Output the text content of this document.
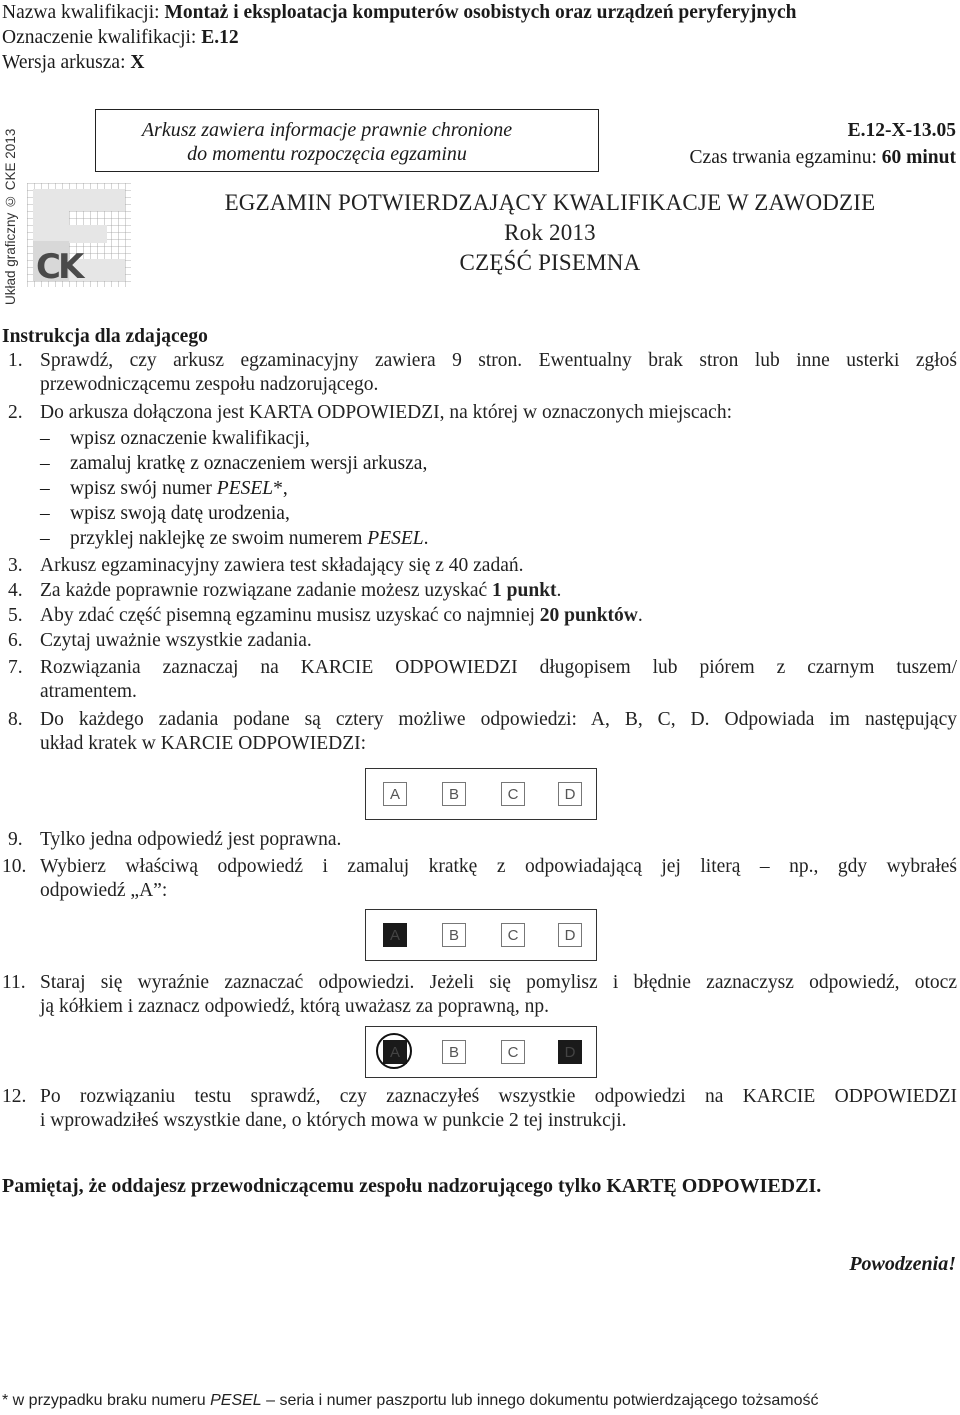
Nazwa kwalifikacji: Montaż i eksploatacja komputerów osobistych oraz urządzeń peryferyjnych
Oznaczenie kwalifikacji: E.12
Wersja arkusza: X
Układ graficzny © CKE 2013 CK
Arkusz zawiera informacje prawnie chronione
do momentu rozpoczęcia egzaminu
E.12-X-13.05
Czas trwania egzaminu: 60 minut
EGZAMIN POTWIERDZAJĄCY KWALIFIKACJE W ZAWODZIE
Rok 2013
CZĘŚĆ PISEMNA
Instrukcja dla zdającego
1. Sprawdź, czy arkusz egzaminacyjny zawiera 9 stron. Ewentualny brak stron lub inne usterki zgłoś
przewodniczącemu zespołu nadzorującego.
2. Do arkusza dołączona jest KARTA ODPOWIEDZI, na której w oznaczonych miejscach:
– wpisz oznaczenie kwalifikacji,
– zamaluj kratkę z oznaczeniem wersji arkusza,
– wpisz swój numer PESEL*,
– wpisz swoją datę urodzenia,
– przyklej naklejkę ze swoim numerem PESEL.
3. Arkusz egzaminacyjny zawiera test składający się z 40 zadań.
4. Za każde poprawnie rozwiązane zadanie możesz uzyskać 1 punkt.
5. Aby zdać część pisemną egzaminu musisz uzyskać co najmniej 20 punktów.
6. Czytaj uważnie wszystkie zadania.
7. Rozwiązania zaznaczaj na KARCIE ODPOWIEDZI długopisem lub piórem z czarnym tuszem/
atramentem.
8. Do każdego zadania podane są cztery możliwe odpowiedzi: A, B, C, D. Odpowiada im następujący
układ kratek w KARCIE ODPOWIEDZI:
A	B	C	D
9. Tylko jedna odpowiedź jest poprawna.
10. Wybierz właściwą odpowiedź i zamaluj kratkę z odpowiadającą jej literą – np., gdy wybrałeś
odpowiedź „A”:
A	B	C	D
11. Staraj się wyraźnie zaznaczać odpowiedzi. Jeżeli się pomylisz i błędnie zaznaczysz odpowiedź, otocz
ją kółkiem i zaznacz odpowiedź, którą uważasz za poprawną, np.
A	B	C	D
12. Po rozwiązaniu testu sprawdź, czy zaznaczyłeś wszystkie odpowiedzi na KARCIE ODPOWIEDZI
i wprowadziłeś wszystkie dane, o których mowa w punkcie 2 tej instrukcji.
Pamiętaj, że oddajesz przewodniczącemu zespołu nadzorującego tylko KARTĘ ODPOWIEDZI.
Powodzenia!
* w przypadku braku numeru PESEL – seria i numer paszportu lub innego dokumentu potwierdzającego tożsamość
